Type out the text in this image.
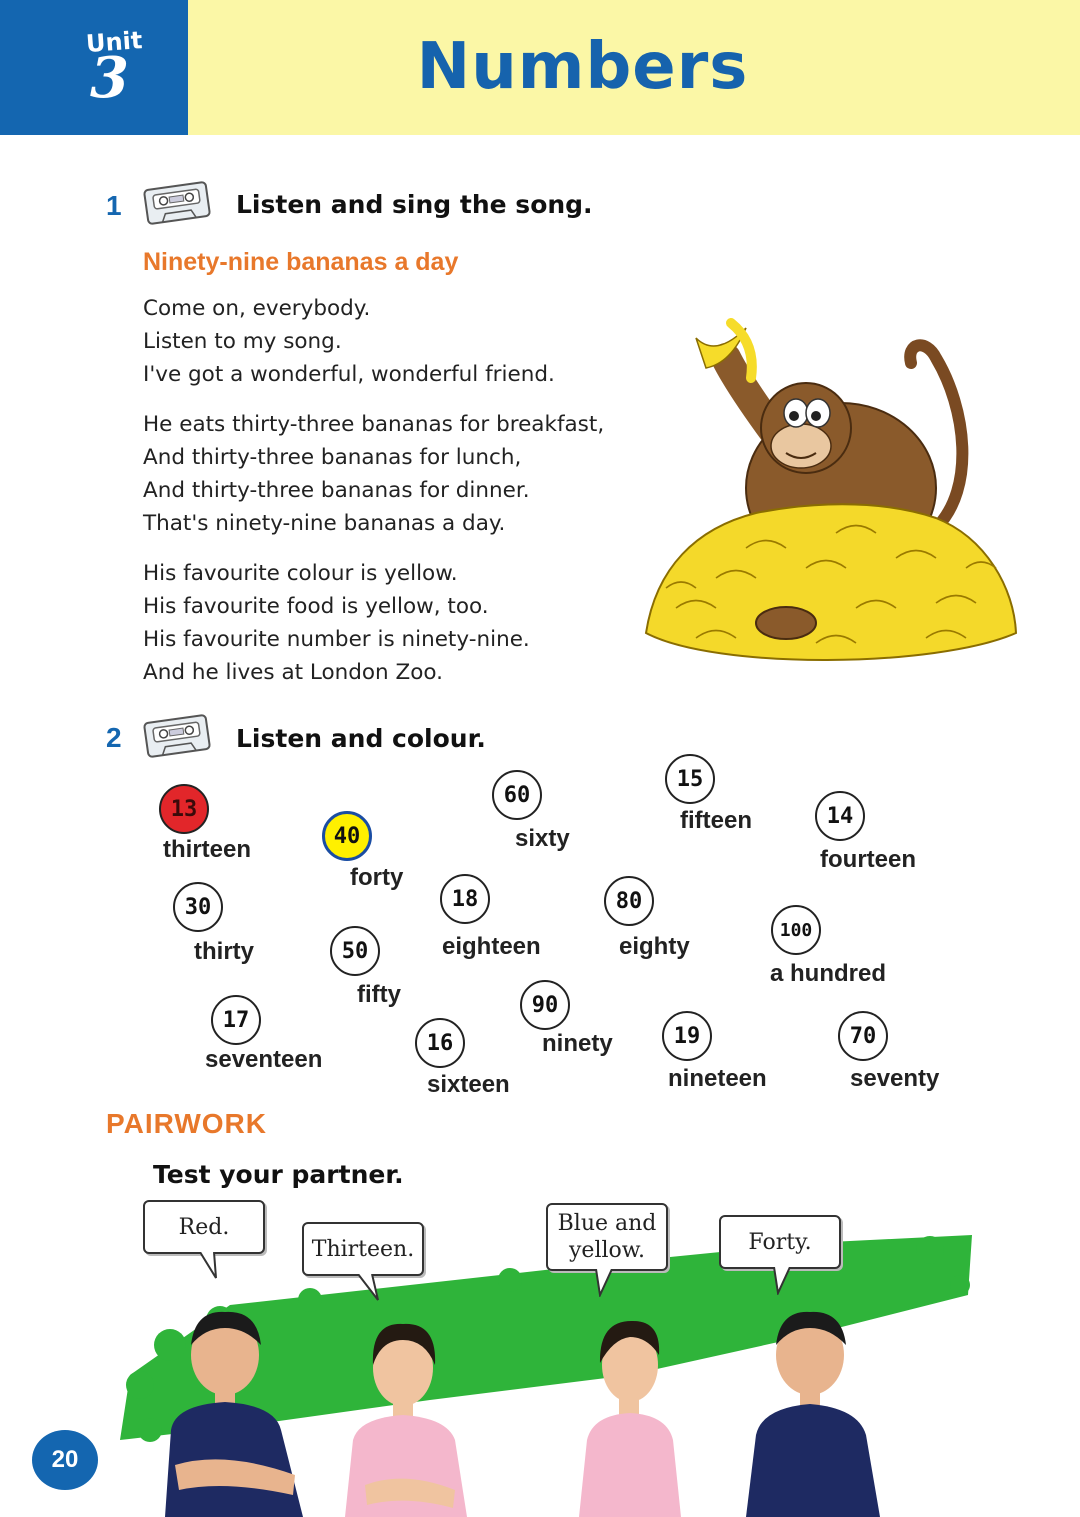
Unit
3	Numbers
1	Listen and sing the song.
Ninety-nine bananas a day
Come on, everybody.
Listen to my song.
I've got a wonderful, wonderful friend.
He eats thirty-three bananas for breakfast,
And thirty-three bananas for lunch,
And thirty-three bananas for dinner.
That's ninety-nine bananas a day.
His favourite colour is yellow.
His favourite food is yellow, too.
His favourite number is ninety-nine.
And he lives at London Zoo.
2	Listen and colour.
13
thirteen	40
forty
60
sixty
15
fifteen	14
fourteen
30
thirty
18
eighteen
80
eighty
50
fifty
100
a hundred
17
seventeen
90
ninety
16
sixteen
19
nineteen
70
seventy
PAIRWORK
Test your partner.
Red.
Thirteen.
Blue and yellow.	Forty.
20
